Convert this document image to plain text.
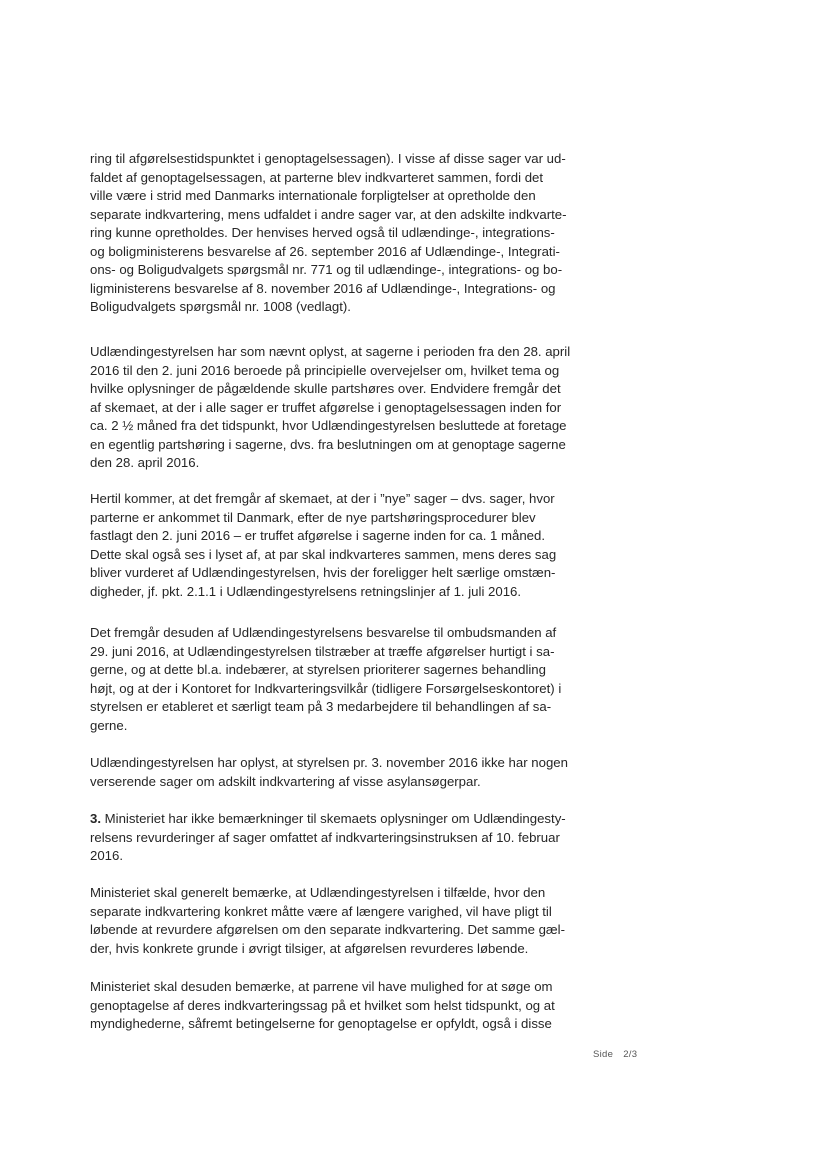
ring til afgørelsestidspunktet i genoptagelsessagen). I visse af disse sager var ud-
faldet af genoptagelsessagen, at parterne blev indkvarteret sammen, fordi det
ville være i strid med Danmarks internationale forpligtelser at opretholde den
separate indkvartering, mens udfaldet i andre sager var, at den adskilte indkvarte-
ring kunne opretholdes. Der henvises herved også til udlændinge-, integrations-
og boligministerens besvarelse af 26. september 2016 af Udlændinge-, Integrati-
ons- og Boligudvalgets spørgsmål nr. 771 og til udlændinge-, integrations- og bo-
ligministerens besvarelse af 8. november 2016 af Udlændinge-, Integrations- og
Boligudvalgets spørgsmål nr. 1008 (vedlagt).
Udlændingestyrelsen har som nævnt oplyst, at sagerne i perioden fra den 28. april
2016 til den 2. juni 2016 beroede på principielle overvejelser om, hvilket tema og
hvilke oplysninger de pågældende skulle partshøres over. Endvidere fremgår det
af skemaet, at der i alle sager er truffet afgørelse i genoptagelsessagen inden for
ca. 2 ½ måned fra det tidspunkt, hvor Udlændingestyrelsen besluttede at foretage
en egentlig partshøring i sagerne, dvs. fra beslutningen om at genoptage sagerne
den 28. april 2016.
Hertil kommer, at det fremgår af skemaet, at der i ”nye” sager – dvs. sager, hvor
parterne er ankommet til Danmark, efter de nye partshøringsprocedurer blev
fastlagt den 2. juni 2016 – er truffet afgørelse i sagerne inden for ca. 1 måned.
Dette skal også ses i lyset af, at par skal indkvarteres sammen, mens deres sag
bliver vurderet af Udlændingestyrelsen, hvis der foreligger helt særlige omstæn-
digheder, jf. pkt. 2.1.1 i Udlændingestyrelsens retningslinjer af 1. juli 2016.
Det fremgår desuden af Udlændingestyrelsens besvarelse til ombudsmanden af
29. juni 2016, at Udlændingestyrelsen tilstræber at træffe afgørelser hurtigt i sa-
gerne, og at dette bl.a. indebærer, at styrelsen prioriterer sagernes behandling
højt, og at der i Kontoret for Indkvarteringsvilkår (tidligere Forsørgelseskontoret) i
styrelsen er etableret et særligt team på 3 medarbejdere til behandlingen af sa-
gerne.
Udlændingestyrelsen har oplyst, at styrelsen pr. 3. november 2016 ikke har nogen
verserende sager om adskilt indkvartering af visse asylansøgerpar.
3. Ministeriet har ikke bemærkninger til skemaets oplysninger om Udlændingesty-
relsens revurderinger af sager omfattet af indkvarteringsinstruksen af 10. februar
2016.
Ministeriet skal generelt bemærke, at Udlændingestyrelsen i tilfælde, hvor den
separate indkvartering konkret måtte være af længere varighed, vil have pligt til
løbende at revurdere afgørelsen om den separate indkvartering. Det samme gæl-
der, hvis konkrete grunde i øvrigt tilsiger, at afgørelsen revurderes løbende.
Ministeriet skal desuden bemærke, at parrene vil have mulighed for at søge om
genoptagelse af deres indkvarteringssag på et hvilket som helst tidspunkt, og at
myndighederne, såfremt betingelserne for genoptagelse er opfyldt, også i disse
Side 2/3
